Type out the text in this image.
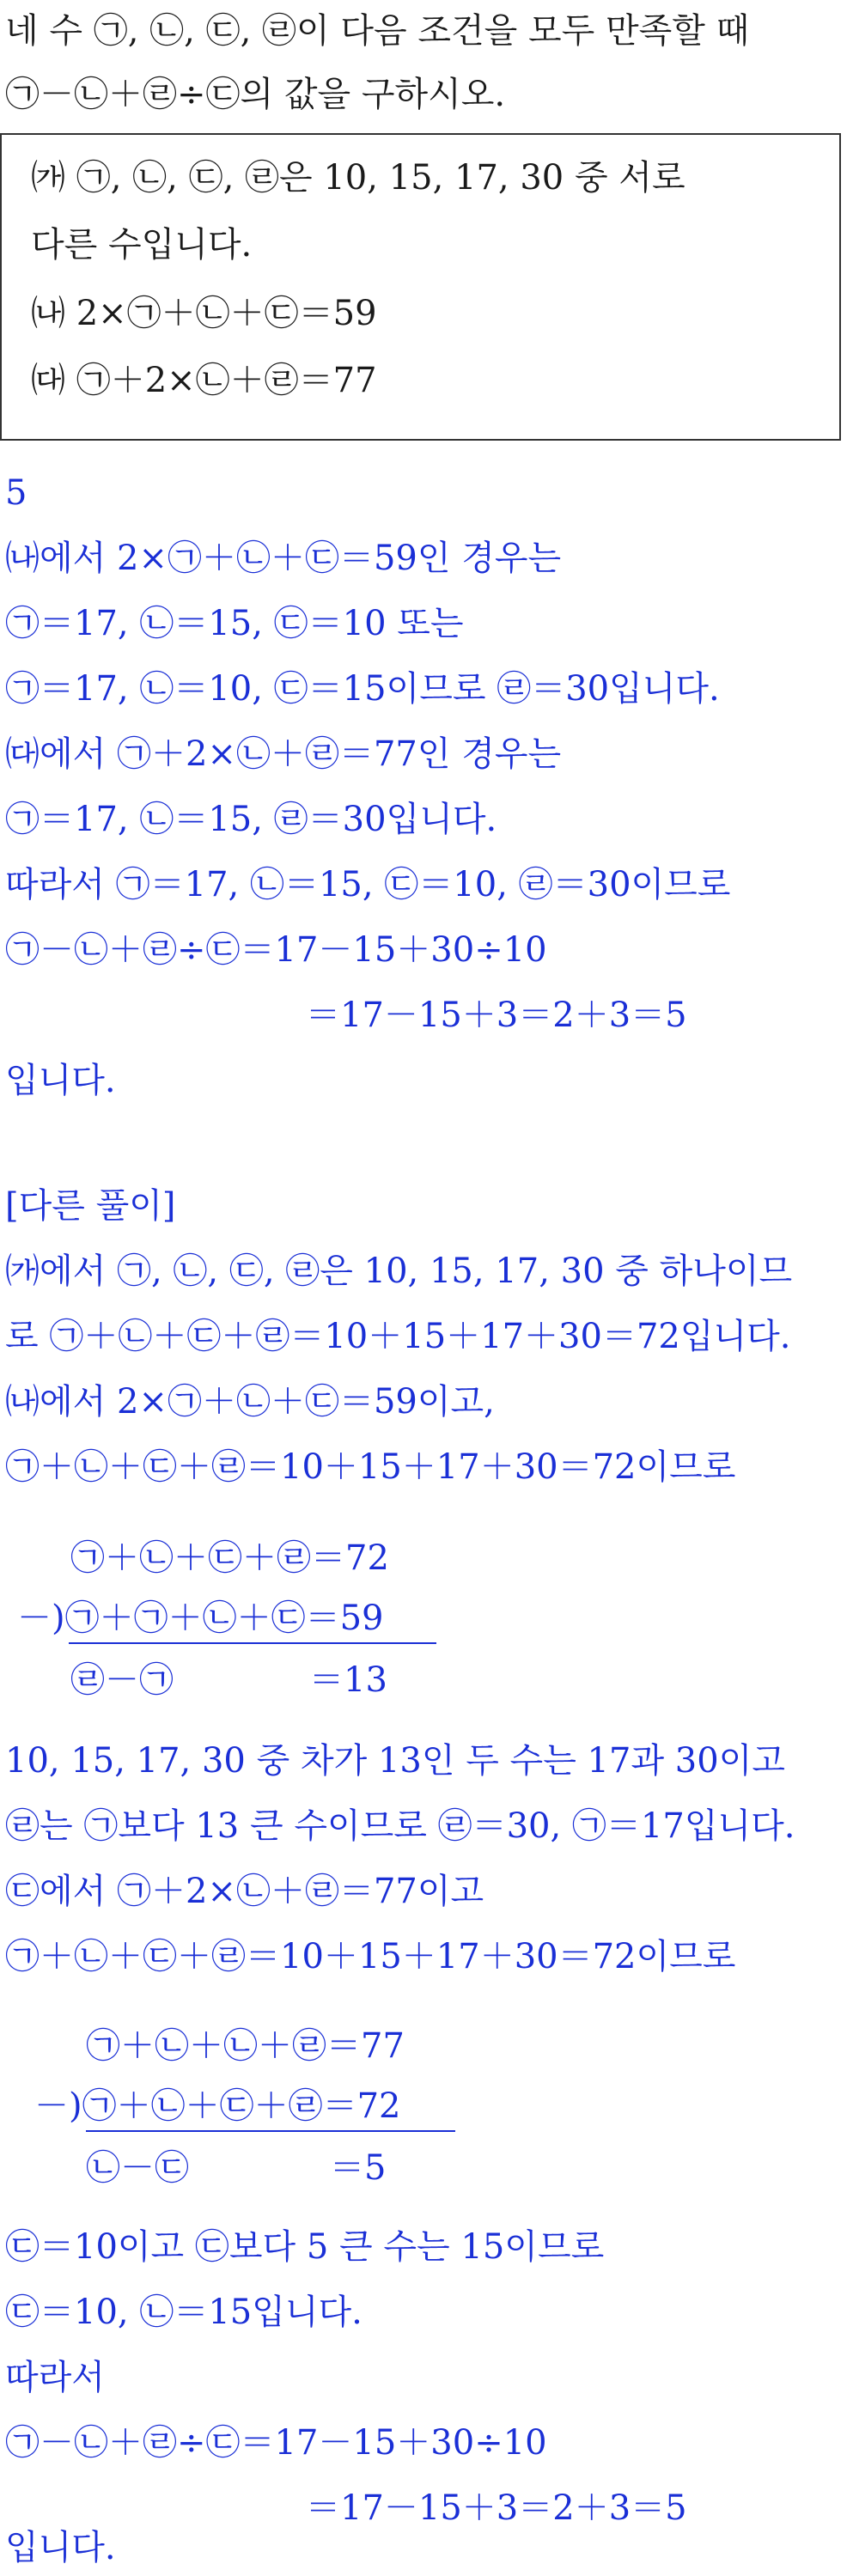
네 수 ㉠, ㉡, ㉢, ㉣이 다음 조건을 모두 만족할 때
㉠－㉡＋㉣÷㉢의 값을 구하시오.
㈎ ㉠, ㉡, ㉢, ㉣은 10, 15, 17, 30 중 서로
다른 수입니다.
㈏ 2×㉠＋㉡＋㉢＝59
㈐ ㉠＋2×㉡＋㉣＝77
5
㈏에서 2×㉠＋㉡＋㉢＝59인 경우는
㉠＝17, ㉡＝15, ㉢＝10 또는
㉠＝17, ㉡＝10, ㉢＝15이므로 ㉣＝30입니다.
㈐에서 ㉠＋2×㉡＋㉣＝77인 경우는
㉠＝17, ㉡＝15, ㉣＝30입니다.
따라서 ㉠＝17, ㉡＝15, ㉢＝10, ㉣＝30이므로
㉠－㉡＋㉣÷㉢＝17－15＋30÷10
＝17－15＋3＝2＋3＝5
입니다.
[다른 풀이]
㈎에서 ㉠, ㉡, ㉢, ㉣은 10, 15, 17, 30 중 하나이므
로 ㉠＋㉡＋㉢＋㉣＝10＋15＋17＋30＝72입니다.
㈏에서 2×㉠＋㉡＋㉢＝59이고,
㉠＋㉡＋㉢＋㉣＝10＋15＋17＋30＝72이므로
㉠＋㉡＋㉢＋㉣＝72
－)㉠＋㉠＋㉡＋㉢＝59
㉣－㉠	＝13
10, 15, 17, 30 중 차가 13인 두 수는 17과 30이고
㉣는 ㉠보다 13 큰 수이므로 ㉣＝30, ㉠＝17입니다.
㉢에서 ㉠＋2×㉡＋㉣＝77이고
㉠＋㉡＋㉢＋㉣＝10＋15＋17＋30＝72이므로
㉠＋㉡＋㉡＋㉣＝77
－)㉠＋㉡＋㉢＋㉣＝72
㉡－㉢	＝5
㉢＝10이고 ㉢보다 5 큰 수는 15이므로
㉢＝10, ㉡＝15입니다.
따라서
㉠－㉡＋㉣÷㉢＝17－15＋30÷10
＝17－15＋3＝2＋3＝5
입니다.
